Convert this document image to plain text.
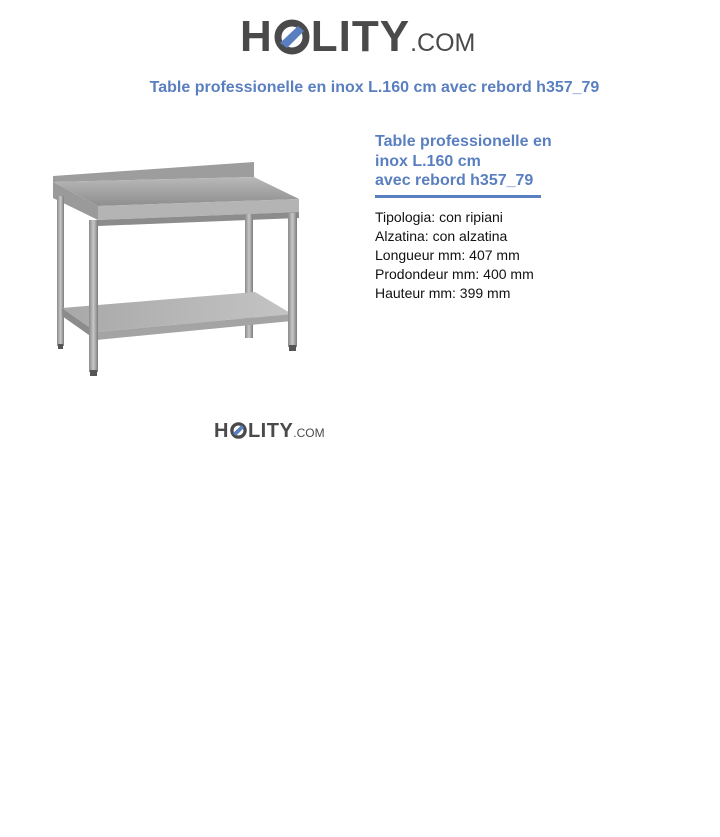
H LITY .COM
Table professionelle en inox L.160 cm avec rebord h357_79
H LITY .COM
Table professionelle en
inox L.160 cm
avec rebord h357_79
Tipologia: con ripiani
Alzatina: con alzatina
Longueur mm: 407 mm
Prodondeur mm: 400 mm
Hauteur mm: 399 mm
